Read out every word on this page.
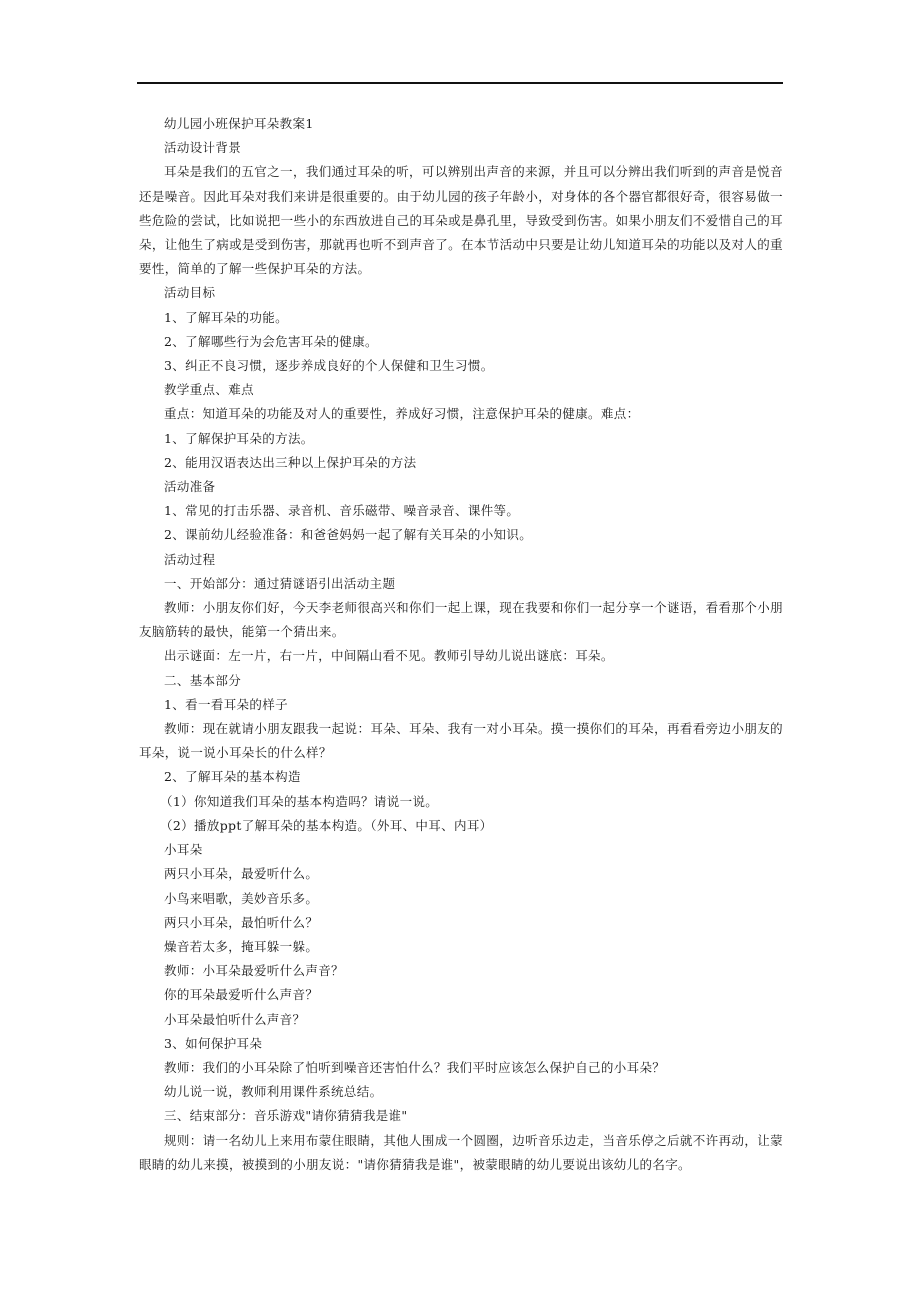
幼儿园小班保护耳朵教案1

活动设计背景

耳朵是我们的五官之一，我们通过耳朵的听，可以辨别出声音的来源，并且可以分辨出我们听到的声音是悦音还是噪音。因此耳朵对我们来讲是很重要的。由于幼儿园的孩子年龄小，对身体的各个器官都很好奇，很容易做一些危险的尝试，比如说把一些小的东西放进自己的耳朵或是鼻孔里，导致受到伤害。如果小朋友们不爱惜自己的耳朵，让他生了病或是受到伤害，那就再也听不到声音了。在本节活动中只要是让幼儿知道耳朵的功能以及对人的重要性，简单的了解一些保护耳朵的方法。

活动目标

1、了解耳朵的功能。

2、了解哪些行为会危害耳朵的健康。

3、纠正不良习惯，逐步养成良好的个人保健和卫生习惯。

教学重点、难点

重点：知道耳朵的功能及对人的重要性，养成好习惯，注意保护耳朵的健康。难点：

1、了解保护耳朵的方法。

2、能用汉语表达出三种以上保护耳朵的方法

活动准备

1、常见的打击乐器、录音机、音乐磁带、噪音录音、课件等。

2、课前幼儿经验准备：和爸爸妈妈一起了解有关耳朵的小知识。

活动过程

一、开始部分：通过猜谜语引出活动主题

教师：小朋友你们好，今天李老师很高兴和你们一起上课，现在我要和你们一起分享一个谜语，看看那个小朋友脑筋转的最快，能第一个猜出来。

出示谜面：左一片，右一片，中间隔山看不见。教师引导幼儿说出谜底：耳朵。

二、基本部分

1、看一看耳朵的样子

教师：现在就请小朋友跟我一起说：耳朵、耳朵、我有一对小耳朵。摸一摸你们的耳朵，再看看旁边小朋友的耳朵，说一说小耳朵长的什么样？

2、了解耳朵的基本构造

（1）你知道我们耳朵的基本构造吗？请说一说。

（2）播放ppt了解耳朵的基本构造。（外耳、中耳、内耳）

小耳朵

两只小耳朵，最爱听什么。

小鸟来唱歌，美妙音乐多。

两只小耳朵，最怕听什么？

燥音若太多，掩耳躲一躲。

教师：小耳朵最爱听什么声音？

你的耳朵最爱听什么声音？

小耳朵最怕听什么声音？

3、如何保护耳朵

教师：我们的小耳朵除了怕听到噪音还害怕什么？我们平时应该怎么保护自己的小耳朵？

幼儿说一说，教师利用课件系统总结。

三、结束部分：音乐游戏"请你猜猜我是谁"

规则：请一名幼儿上来用布蒙住眼睛，其他人围成一个圆圈，边听音乐边走，当音乐停之后就不许再动，让蒙眼睛的幼儿来摸，被摸到的小朋友说："请你猜猜我是谁"，被蒙眼睛的幼儿要说出该幼儿的名字。
